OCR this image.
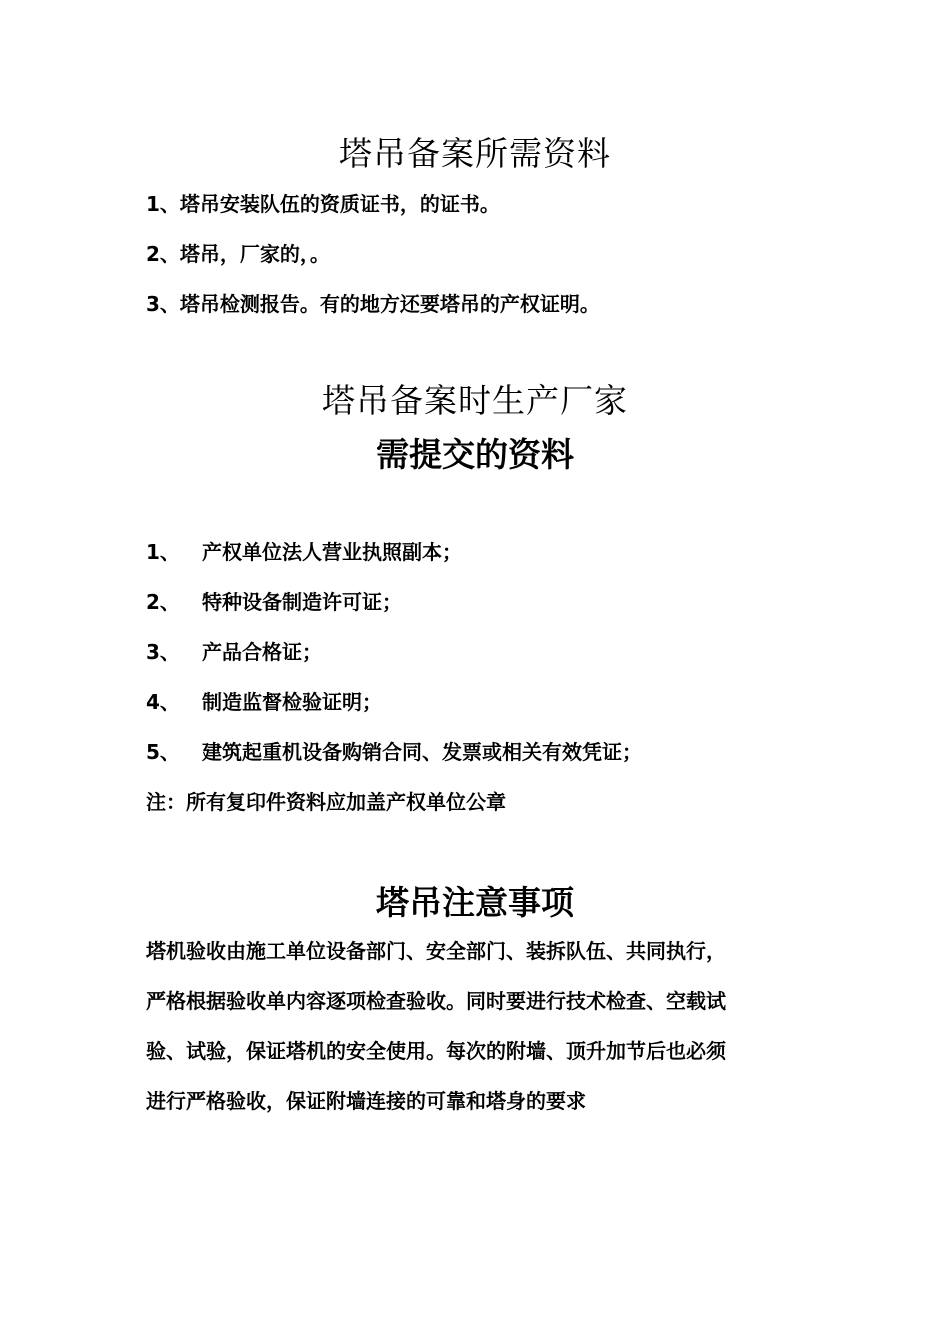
塔吊备案所需资料
1、塔吊安装队伍的资质证书，的证书。
2、塔吊，厂家的，。
3、塔吊检测报告。有的地方还要塔吊的产权证明。
塔吊备案时生产厂家
需提交的资料
1、 产权单位法人营业执照副本；
2、 特种设备制造许可证；
3、 产品合格证；
4、 制造监督检验证明；
5、 建筑起重机设备购销合同、发票或相关有效凭证；
注：所有复印件资料应加盖产权单位公章
塔吊注意事项
塔机验收由施工单位设备部门、安全部门、装拆队伍、共同执行，
严格根据验收单内容逐项检查验收。同时要进行技术检查、空载试
验、试验，保证塔机的安全使用。每次的附墙、顶升加节后也必须
进行严格验收，保证附墙连接的可靠和塔身的要求
